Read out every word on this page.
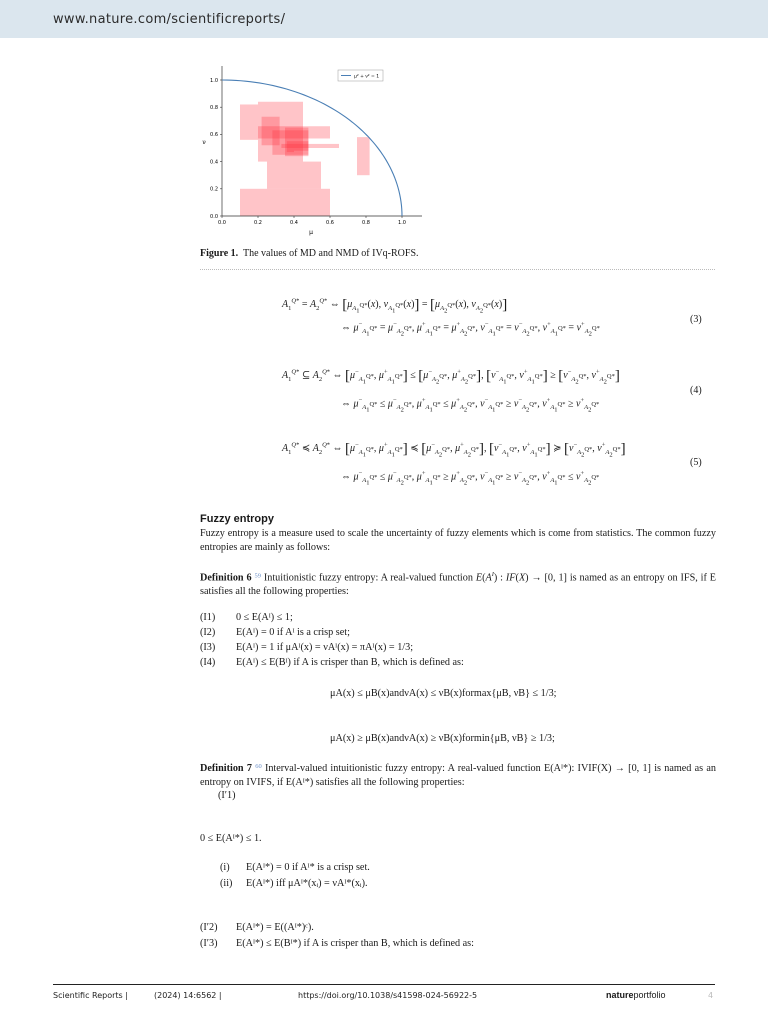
www.nature.com/scientificreports/
0.0	0.2	0.4	0.6	0.8	1.0
0.0
0.2
0.4
0.6
0.8
1.0
μ
ν
μ² + ν² = 1
Figure 1. The values of MD and NMD of IVq-ROFS.
$A_1^{Q*} = A_2^{Q*}$ ⇔ [$\mu_{A_1^{Q*}}(x)$, $\nu_{A_1^{Q*}}(x)] = [\mu_{A_2^{Q*}}(x)$, $\nu_{A_2^{Q*}}(x)$]
⇔ $\mu^-_{A_1^{Q*}} = \mu^-_{A_2^{Q*}}$, $\mu^+_{A_1^{Q*}} = \mu^+_{A_2^{Q*}}$, $\nu^-_{A_1^{Q*}} = \nu^-_{A_2^{Q*}}$, $\nu^+_{A_1^{Q*}} = \nu^+_{A_2^{Q*}}$
(3)
$A_1^{Q*}$ ⊆ $A_2^{Q*}$ ⇔ [$\mu^-_{A_1^{Q*}}$, $\mu^+_{A_1^{Q*}}] \le [\mu^-_{A_2^{Q*}}$, $\mu^+_{A_2^{Q*}}$], [$\nu^-_{A_1^{Q*}}$, $\nu^+_{A_1^{Q*}}] \ge [\nu^-_{A_2^{Q*}}$, $\nu^+_{A_2^{Q*}}$]
⇔ $\mu^-_{A_1^{Q*}} \le \mu^-_{A_2^{Q*}}$, $\mu^+_{A_1^{Q*}} \le \mu^+_{A_2^{Q*}}$, $\nu^-_{A_1^{Q*}} \ge \nu^-_{A_2^{Q*}}$, $\nu^+_{A_1^{Q*}} \ge \nu^+_{A_2^{Q*}}$
(4)
$A_1^{Q*}$ ≼ $A_2^{Q*}$ ⇔ [$\mu^-_{A_1^{Q*}}$, $\mu^+_{A_1^{Q*}}$] ≼ [$\mu^-_{A_2^{Q*}}$, $\mu^+_{A_2^{Q*}}$], [$\nu^-_{A_1^{Q*}}$, $\nu^+_{A_1^{Q*}}$] ≽ [$\nu^-_{A_2^{Q*}}$, $\nu^+_{A_2^{Q*}}$]
⇔ $\mu^-_{A_1^{Q*}} \le \mu^-_{A_2^{Q*}}$, $\mu^+_{A_1^{Q*}} \ge \mu^+_{A_2^{Q*}}$, $\nu^-_{A_1^{Q*}} \ge \nu^-_{A_2^{Q*}}$, $\nu^+_{A_1^{Q*}} \le \nu^+_{A_2^{Q*}}$
(5)
Fuzzy entropy
Fuzzy entropy is a measure used to scale the uncertainty of fuzzy elements which is come from statistics. The common fuzzy entropies are mainly as follows:
Definition 6 $^{59}$ Intuitionistic fuzzy entropy: A real-valued function $E(A^I)$ : IF(X) → [0, 1] is named as an entropy on IFS, if E satisfies all the following properties:
(I1) 0 ≤ E(Aᴵ) ≤ 1;
(I2) E(Aᴵ) = 0 if Aᴵ is a crisp set;
(I3) E(Aᴵ) = 1 if μAᴵ(x) = νAᴵ(x) = πAᴵ(x) = 1/3;
(I4) E(Aᴵ) ≤ E(Bᴵ) if A is crisper than B, which is defined as:
μA(x) ≤ μB(x)andνA(x) ≤ νB(x)formax{μB, νB} ≤ 1/3;
μA(x) ≥ μB(x)andνA(x) ≥ νB(x)formin{μB, νB} ≥ 1/3;
Definition 7 $^{60}$ Interval-valued intuitionistic fuzzy entropy: A real-valued function E(Aᴵ*): IVIF(X) → [0, 1] is named as an entropy on IVIFS, if E(Aᴵ*) satisfies all the following properties:
(Iʹ1)
0 ≤ E(Aᴵ*) ≤ 1.
(i) E(Aᴵ*) = 0 if Aᴵ* is a crisp set.
(ii) E(Aᴵ*) iff μAᴵ*(xᵢ) = νAᴵ*(xᵢ).
(Iʹ2) E(Aᴵ*) = E((Aᴵ*)ᶜ).
(Iʹ3) E(Aᴵ*) ≤ E(Bᴵ*) if A is crisper than B, which is defined as:
Scientific Reports |	(2024) 14:6562 |	https://doi.org/10.1038/s41598-024-56922-5	natureportfolio	4
